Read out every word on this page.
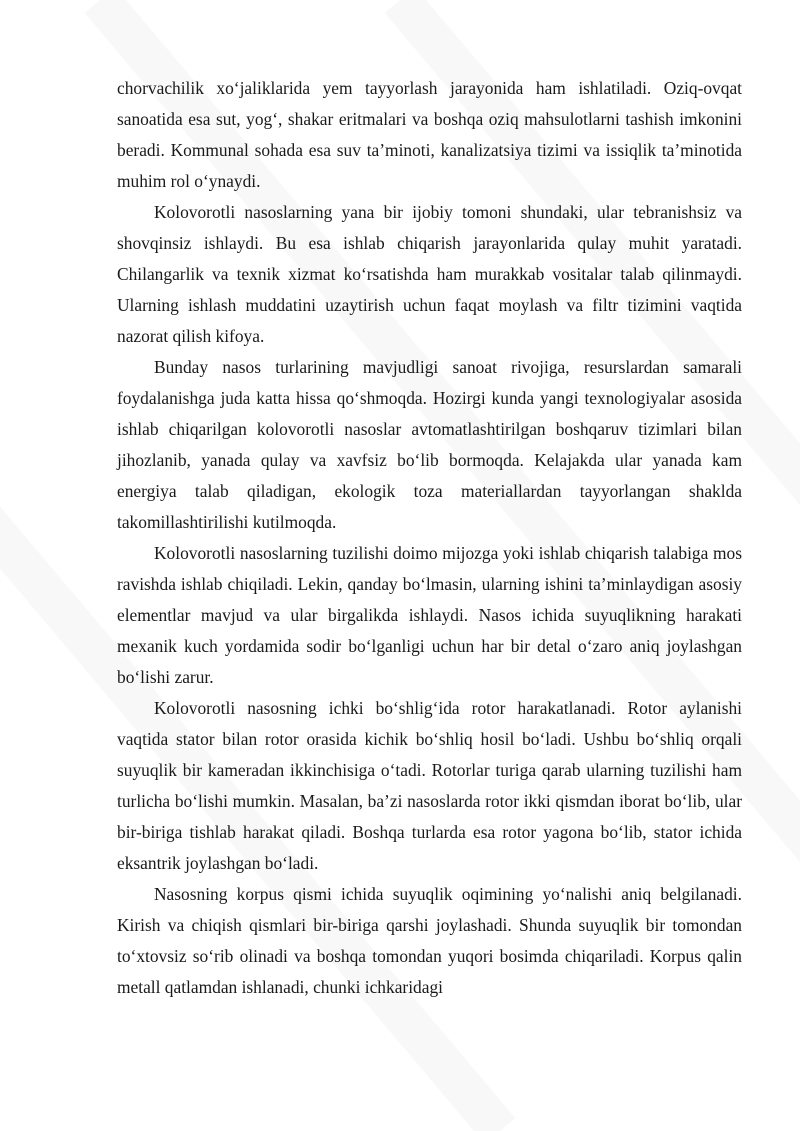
chorvachilik xo‘jaliklarida yem tayyorlash jarayonida ham ishlatiladi. Oziq-ovqat sanoatida esa sut, yog‘, shakar eritmalari va boshqa oziq mahsulotlarni tashish imkonini beradi. Kommunal sohada esa suv ta’minoti, kanalizatsiya tizimi va issiqlik ta’minotida muhim rol o‘ynaydi.

Kolovorotli nasoslarning yana bir ijobiy tomoni shundaki, ular tebranishsiz va shovqinsiz ishlaydi. Bu esa ishlab chiqarish jarayonlarida qulay muhit yaratadi. Chilangarlik va texnik xizmat ko‘rsatishda ham murakkab vositalar talab qilinmaydi. Ularning ishlash muddatini uzaytirish uchun faqat moylash va filtr tizimini vaqtida nazorat qilish kifoya.

Bunday nasos turlarining mavjudligi sanoat rivojiga, resurslardan samarali foydalanishga juda katta hissa qo‘shmoqda. Hozirgi kunda yangi texnologiyalar asosida ishlab chiqarilgan kolovorotli nasoslar avtomatlashtirilgan boshqaruv tizimlari bilan jihozlanib, yanada qulay va xavfsiz bo‘lib bormoqda. Kelajakda ular yanada kam energiya talab qiladigan, ekologik toza materiallardan tayyorlangan shaklda takomillashtirilishi kutilmoqda.

Kolovorotli nasoslarning tuzilishi doimo mijozga yoki ishlab chiqarish talabiga mos ravishda ishlab chiqiladi. Lekin, qanday bo‘lmasin, ularning ishini ta’minlaydigan asosiy elementlar mavjud va ular birgalikda ishlaydi. Nasos ichida suyuqlikning harakati mexanik kuch yordamida sodir bo‘lganligi uchun har bir detal o‘zaro aniq joylashgan bo‘lishi zarur.

Kolovorotli nasosning ichki bo‘shlig‘ida rotor harakatlanadi. Rotor aylanishi vaqtida stator bilan rotor orasida kichik bo‘shliq hosil bo‘ladi. Ushbu bo‘shliq orqali suyuqlik bir kameradan ikkinchisiga o‘tadi. Rotorlar turiga qarab ularning tuzilishi ham turlicha bo‘lishi mumkin. Masalan, ba’zi nasoslarda rotor ikki qismdan iborat bo‘lib, ular bir-biriga tishlab harakat qiladi. Boshqa turlarda esa rotor yagona bo‘lib, stator ichida eksantrik joylashgan bo‘ladi.

Nasosning korpus qismi ichida suyuqlik oqimining yo‘nalishi aniq belgilanadi. Kirish va chiqish qismlari bir-biriga qarshi joylashadi. Shunda suyuqlik bir tomondan to‘xtovsiz so‘rib olinadi va boshqa tomondan yuqori bosimda chiqariladi. Korpus qalin metall qatlamdan ishlanadi, chunki ichkaridagi
